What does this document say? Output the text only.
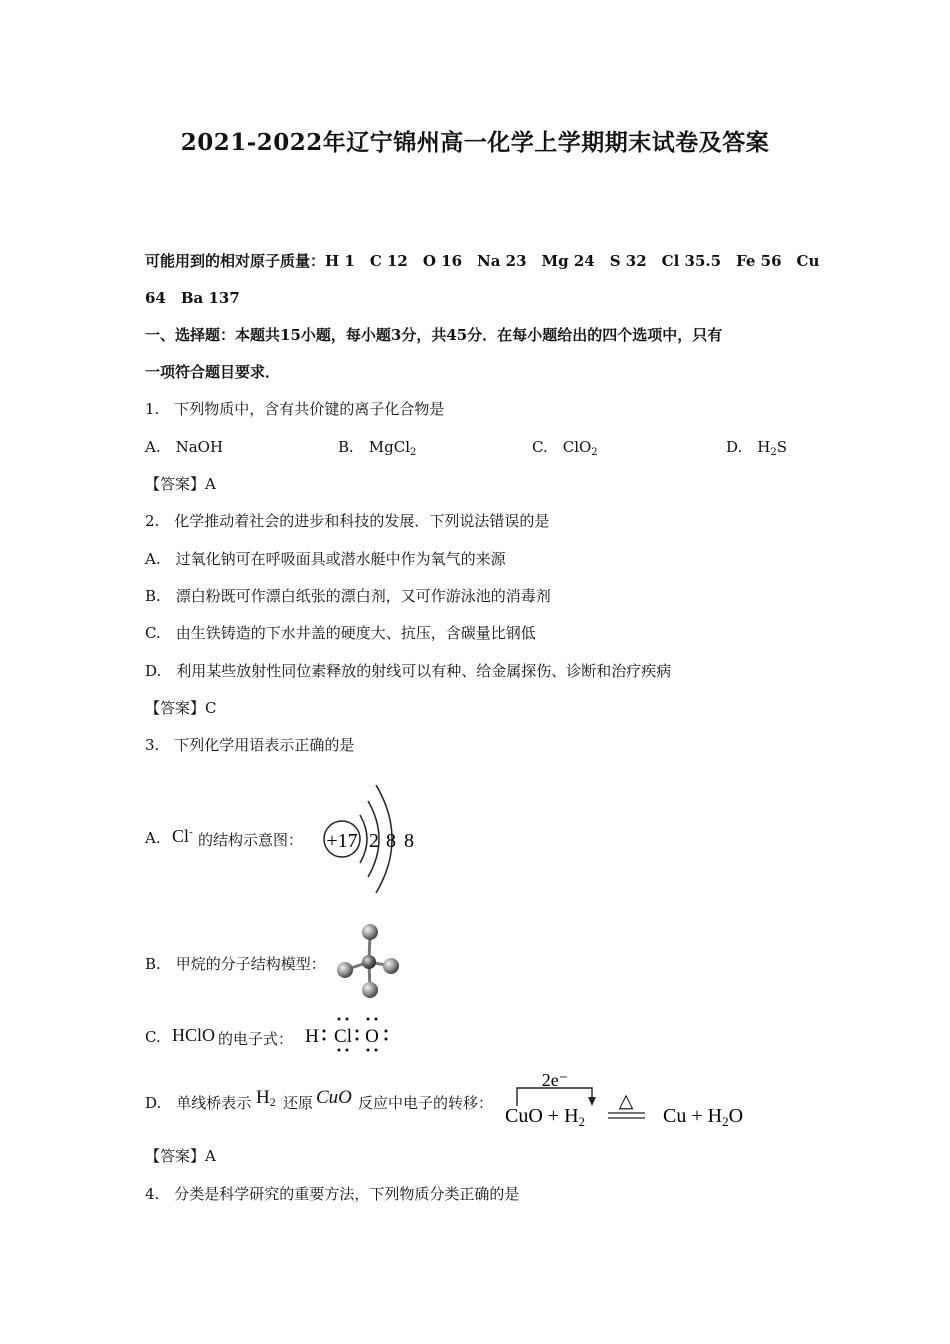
2021-2022年辽宁锦州高一化学上学期期末试卷及答案
可能用到的相对原子质量：H 1　C 12　O 16　Na 23　Mg 24　S 32　Cl 35.5　Fe 56　Cu
64　Ba 137
一、选择题：本题共15小题，每小题3分，共45分．在每小题给出的四个选项中，只有
一项符合题目要求．
1.　下列物质中，含有共价键的离子化合物是
A.　NaOH	B.　MgCl$_2$	C.　ClO$_2$	D.　$H_2S$
【答案】A
2.　化学推动着社会的进步和科技的发展．下列说法错误的是
A.　过氧化钠可在呼吸面具或潜水艇中作为氧气的来源
B.　漂白粉既可作漂白纸张的漂白剂，又可作游泳池的消毒剂
C.　由生铁铸造的下水井盖的硬度大、抗压，含碳量比钢低
D.　利用某些放射性同位素释放的射线可以有种、给金属探伤、诊断和治疗疾病
【答案】C
3.　下列化学用语表示正确的是
A. Cl- 的结构示意图： +17 2 8 8
B.　甲烷的分子结构模型：
C. HClO 的电子式： H Cl O
D.　单线桥表示 $H_2$ 还原 CuO 反应中电子的转移：
2e⁻
CuO + $H_2$
△
$Cu + H_2O$
【答案】A
4.　分类是科学研究的重要方法，下列物质分类正确的是
